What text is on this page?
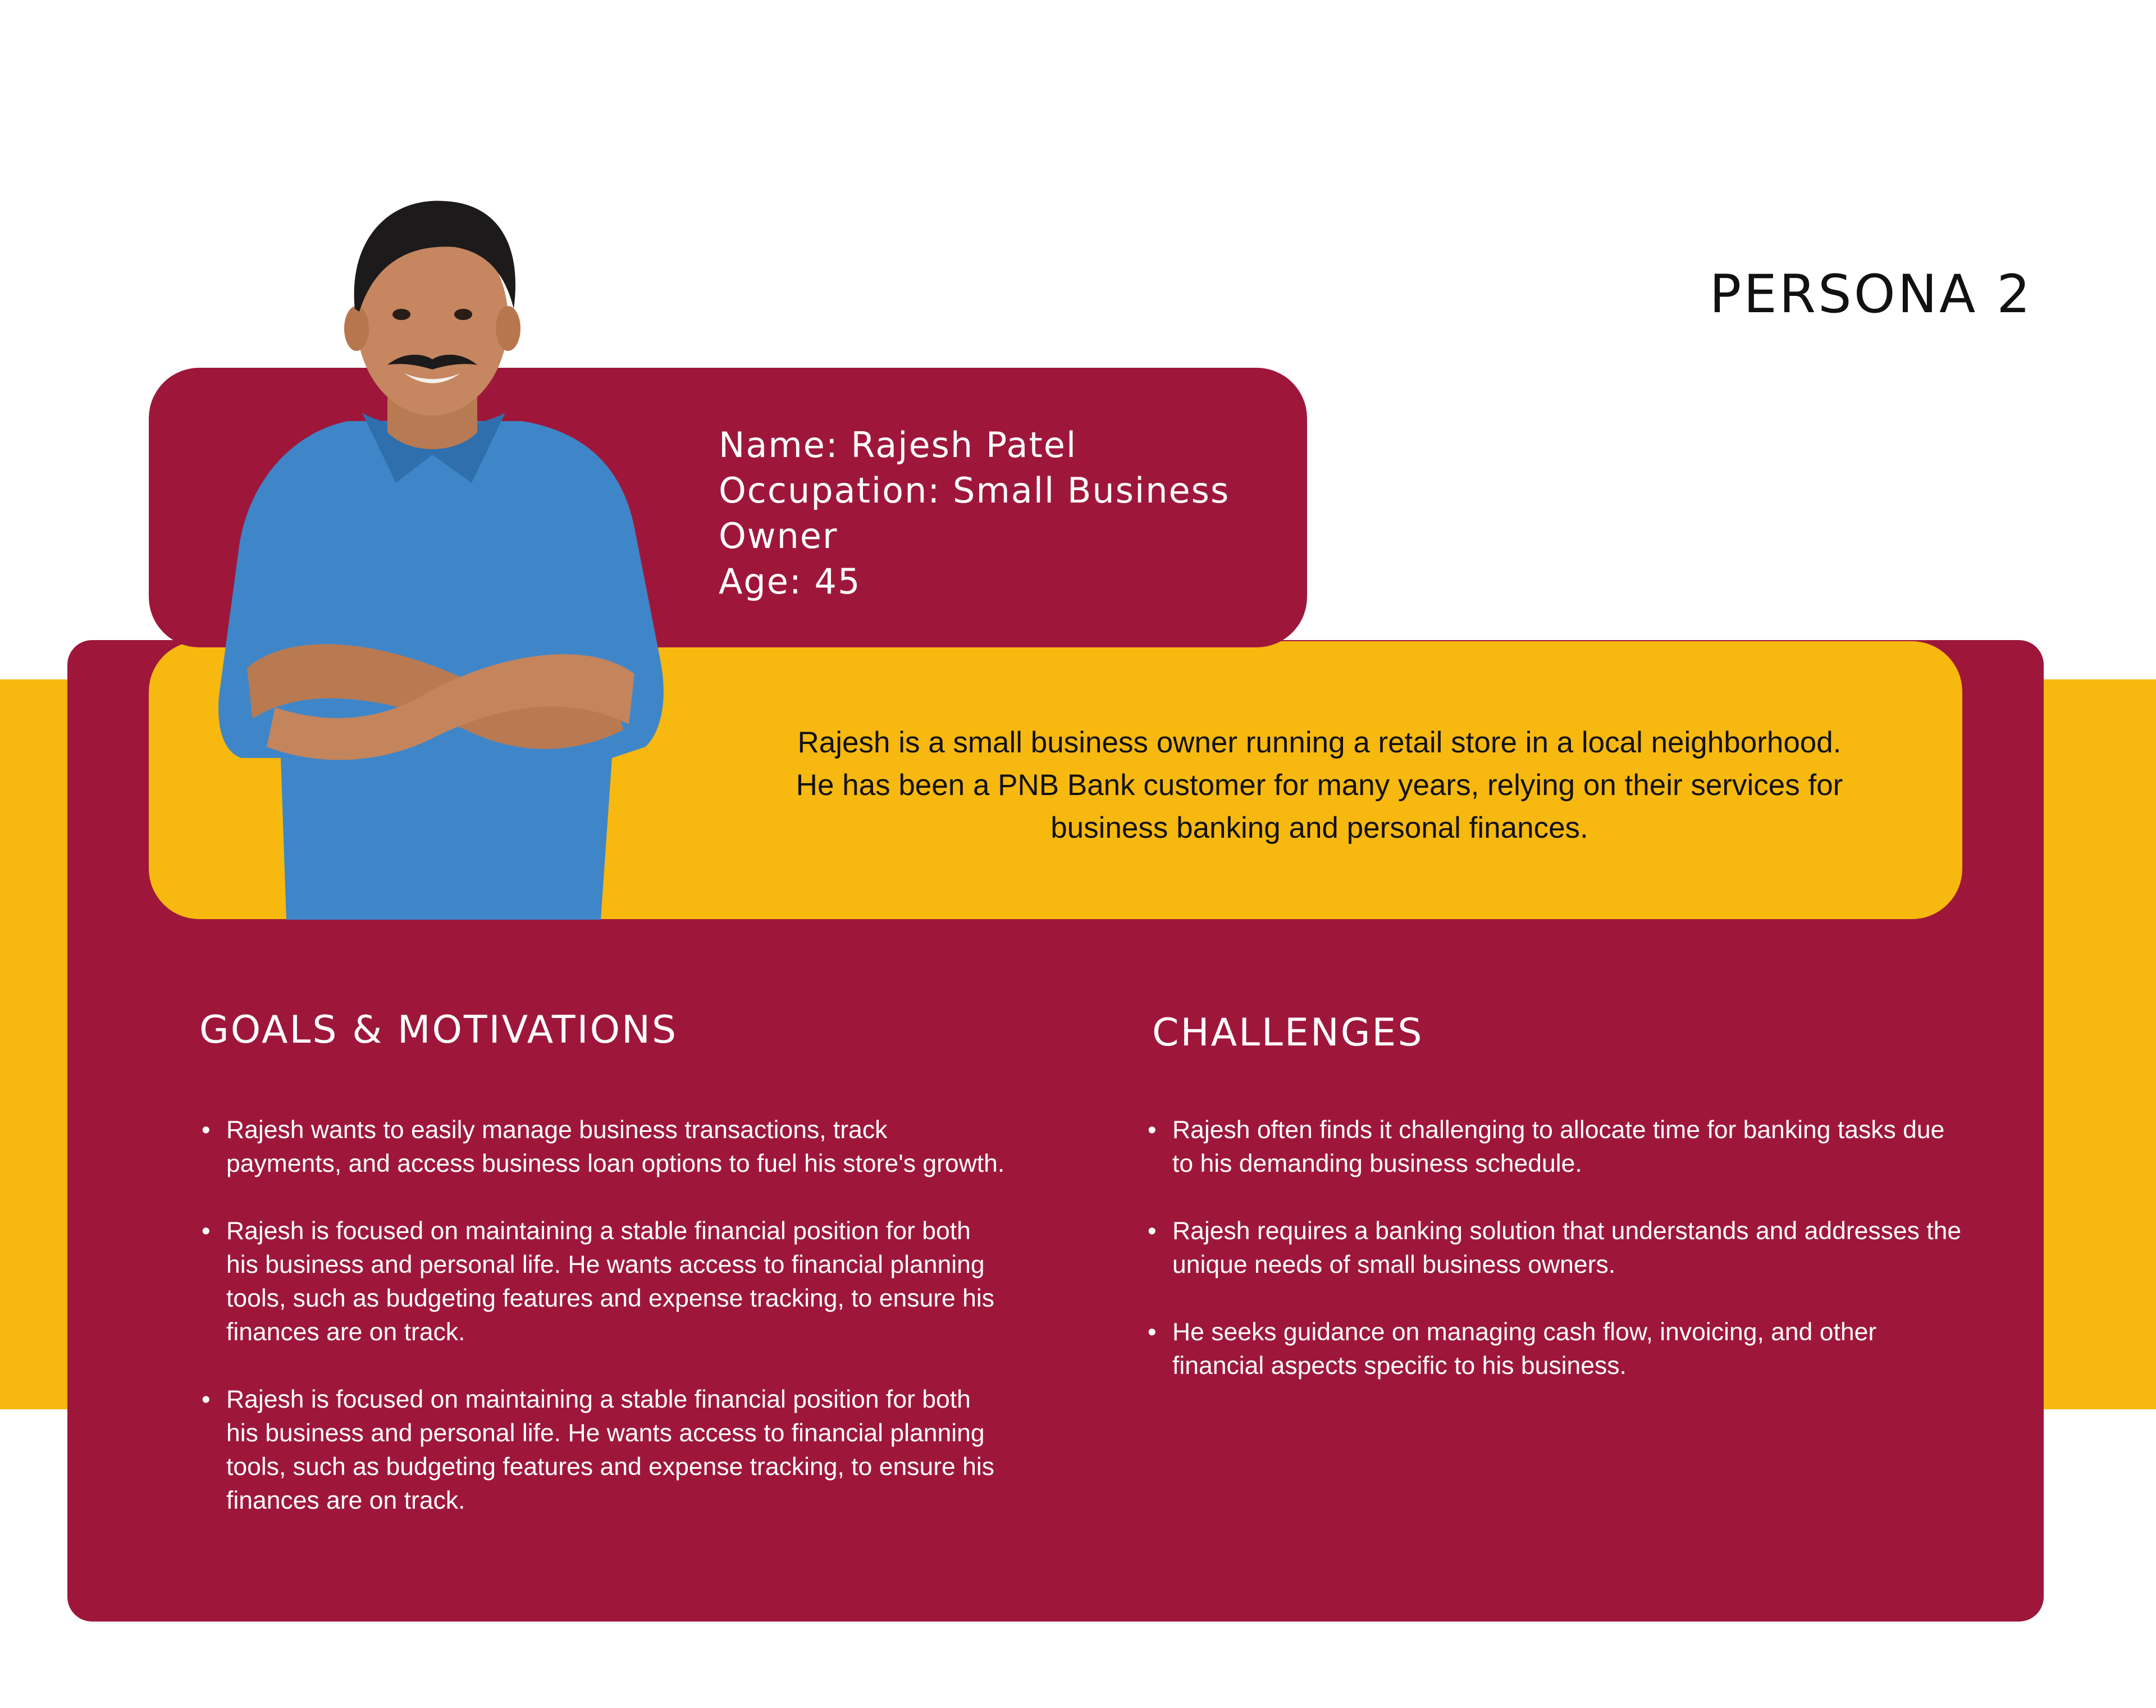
PERSONA 2
Name: Rajesh Patel
Occupation: Small Business
Owner
Age: 45
Rajesh is a small business owner running a retail store in a local neighborhood.
He has been a PNB Bank customer for many years, relying on their services for
business banking and personal finances.
GOALS & MOTIVATIONS
• Rajesh wants to easily manage business transactions, track payments, and access business loan options to fuel his store's growth.
• Rajesh is focused on maintaining a stable financial position for both his business and personal life. He wants access to financial planning tools, such as budgeting features and expense tracking, to ensure his finances are on track.
• Rajesh is focused on maintaining a stable financial position for both his business and personal life. He wants access to financial planning tools, such as budgeting features and expense tracking, to ensure his finances are on track.
CHALLENGES
• Rajesh often finds it challenging to allocate time for banking tasks due to his demanding business schedule.
• Rajesh requires a banking solution that understands and addresses the unique needs of small business owners.
• He seeks guidance on managing cash flow, invoicing, and other financial aspects specific to his business.
